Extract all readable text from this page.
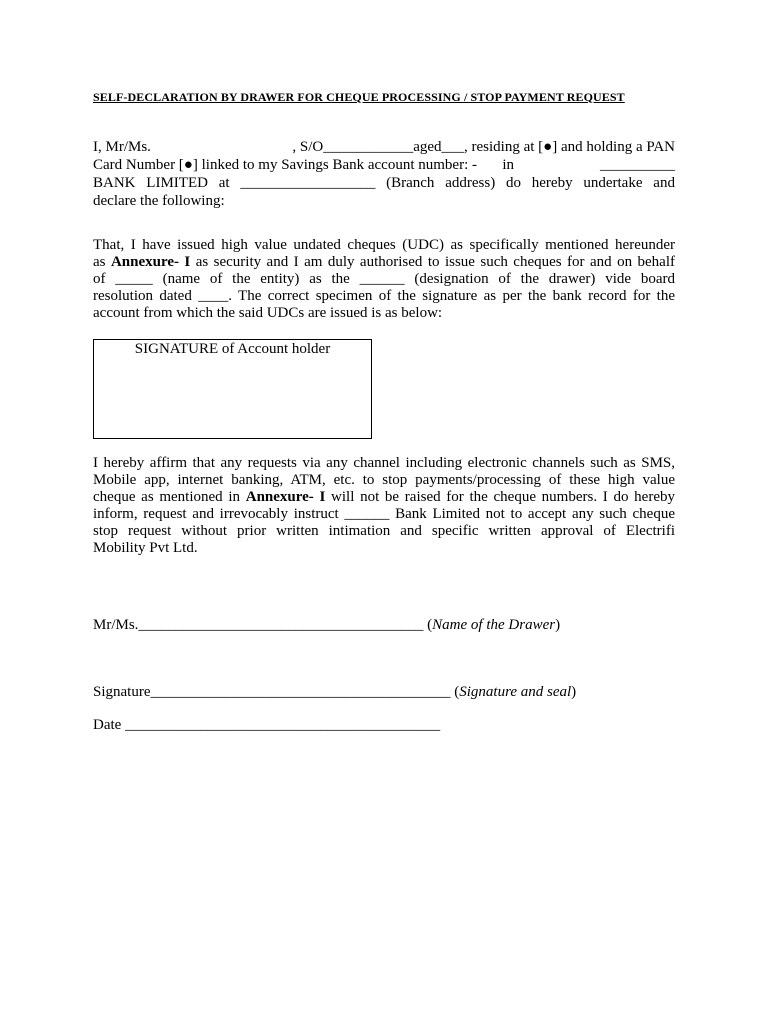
SELF-DECLARATION BY DRAWER FOR CHEQUE PROCESSING / STOP PAYMENT REQUEST
I, Mr/Ms.	, S/O____________aged___, residing at [●] and holding a PAN
Card Number [●] linked to my Savings Bank account number: - in	__________
BANK LIMITED at __________________ (Branch address) do hereby undertake and
declare the following:
That, I have issued high value undated cheques (UDC) as specifically mentioned hereunder
as Annexure- I as security and I am duly authorised to issue such cheques for and on behalf
of _____ (name of the entity) as the ______ (designation of the drawer) vide board
resolution dated ____. The correct specimen of the signature as per the bank record for the
account from which the said UDCs are issued is as below:
SIGNATURE of Account holder
I hereby affirm that any requests via any channel including electronic channels such as SMS,
Mobile app, internet banking, ATM, etc. to stop payments/processing of these high value
cheque as mentioned in Annexure- I will not be raised for the cheque numbers. I do hereby
inform, request and irrevocably instruct ______ Bank Limited not to accept any such cheque
stop request without prior written intimation and specific written approval of Electrifi
Mobility Pvt Ltd.
Mr/Ms.______________________________________ (Name of the Drawer)
Signature________________________________________ (Signature and seal)
Date __________________________________________
